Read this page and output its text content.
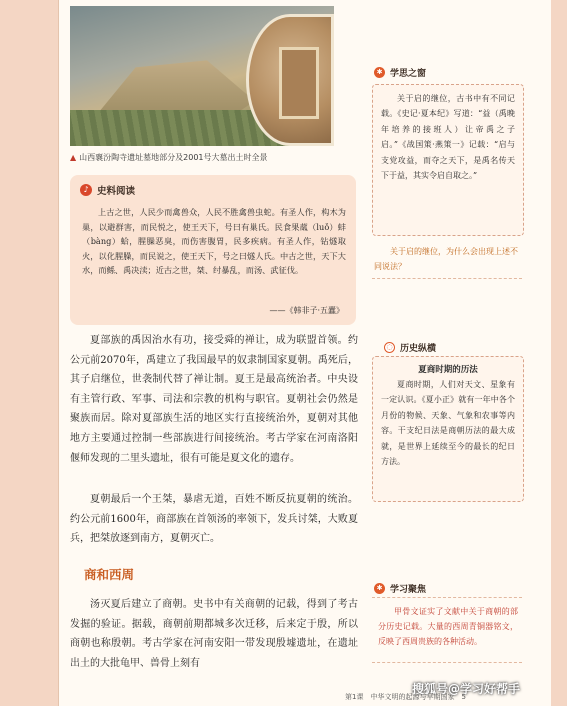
▲ 山西襄汾陶寺遗址墓地部分及2001号大墓出土时全景
♪ 史料阅读
上古之世，人民少而禽兽众，人民不胜禽兽虫蛇。有圣人作，构木为巢，以避群害，而民悦之，使王天下，号曰有巢氏。民食果蓏（luǒ）蚌（bàng）蛤，腥臊恶臭，而伤害腹胃，民多疾病。有圣人作，钻燧取火，以化腥臊，而民说之，使王天下，号之曰燧人氏。中古之世，天下大水，而鲧、禹决渎；近古之世，桀、纣暴乱，而汤、武征伐。
——《韩非子·五蠹》
夏部族的禹因治水有功，接受舜的禅让，成为联盟首领。约公元前2070年，禹建立了我国最早的奴隶制国家夏朝。禹死后，其子启继位，世袭制代替了禅让制。夏王是最高统治者。中央设有主管行政、军事、司法和宗教的机构与职官。夏朝社会仍然是聚族而居。除对夏部族生活的地区实行直接统治外，夏朝对其他地方主要通过控制一些部族进行间接统治。考古学家在河南洛阳偃师发现的二里头遗址，很有可能是夏文化的遗存。
夏朝最后一个王桀，暴虐无道，百姓不断反抗夏朝的统治。约公元前1600年，商部族在首领汤的率领下，发兵讨桀，大败夏兵，把桀放逐到南方，夏朝灭亡。
商和西周
汤灭夏后建立了商朝。史书中有关商朝的记载，得到了考古发掘的验证。据载，商朝前期都城多次迁移，后来定于殷，所以商朝也称殷朝。考古学家在河南安阳一带发现殷墟遗址，在遗址出土的大批龟甲、兽骨上刻有
✱ 学思之窗
关于启的继位，古书中有不同记载。《史记·夏本纪》写道：“益（禹晚年培养的接班人）让帝禹之子启。”《战国策·燕策一》记载：“启与支党攻益，而夺之天下，是禹名传天下于益，其实令启自取之。”
关于启的继位，为什么会出现上述不同说法？
◌ 历史纵横
夏商时期的历法
夏商时期，人们对天文、星象有一定认识。《夏小正》就有一年中各个月份的物候、天象、气象和农事等内容。干支纪日法是商朝历法的最大成就，是世界上延续至今的最长的纪日方法。
✱ 学习聚焦
甲骨文证实了文献中关于商朝的部分历史记载。大量的西周青铜器铭文，反映了西周贵族的各种活动。
第1课　中华文明的起源与早期国家　5
搜狐号@学习好帮手
